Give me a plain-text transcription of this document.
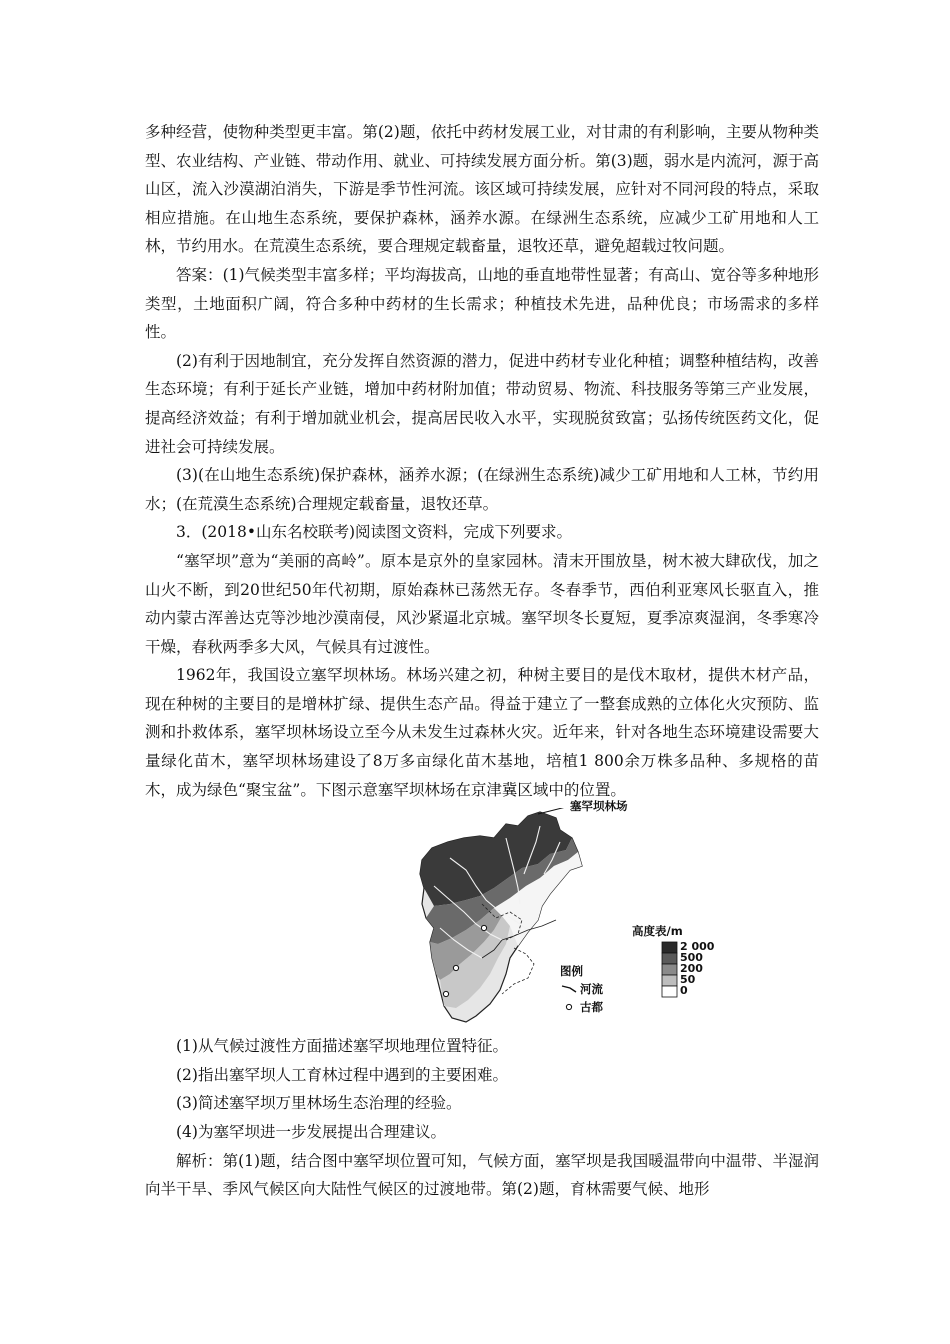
多种经营，使物种类型更丰富。第(2)题，依托中药材发展工业，对甘肃的有利影响，主要从物种类型、农业结构、产业链、带动作用、就业、可持续发展方面分析。第(3)题，弱水是内流河，源于高山区，流入沙漠湖泊消失，下游是季节性河流。该区域可持续发展，应针对不同河段的特点，采取相应措施。在山地生态系统，要保护森林，涵养水源。在绿洲生态系统，应减少工矿用地和人工林，节约用水。在荒漠生态系统，要合理规定载畜量，退牧还草，避免超载过牧问题。

答案：(1)气候类型丰富多样；平均海拔高，山地的垂直地带性显著；有高山、宽谷等多种地形类型，土地面积广阔，符合多种中药材的生长需求；种植技术先进，品种优良；市场需求的多样性。

(2)有利于因地制宜，充分发挥自然资源的潜力，促进中药材专业化种植；调整种植结构，改善生态环境；有利于延长产业链，增加中药材附加值；带动贸易、物流、科技服务等第三产业发展，提高经济效益；有利于增加就业机会，提高居民收入水平，实现脱贫致富；弘扬传统医药文化，促进社会可持续发展。

(3)(在山地生态系统)保护森林，涵养水源；(在绿洲生态系统)减少工矿用地和人工林，节约用水；(在荒漠生态系统)合理规定载畜量，退牧还草。

3．(2018•山东名校联考)阅读图文资料，完成下列要求。

“塞罕坝”意为“美丽的高岭”。原本是京外的皇家园林。清末开围放垦，树木被大肆砍伐，加之山火不断，到20世纪50年代初期，原始森林已荡然无存。冬春季节，西伯利亚寒风长驱直入，推动内蒙古浑善达克等沙地沙漠南侵，风沙紧逼北京城。塞罕坝冬长夏短，夏季凉爽湿润，冬季寒冷干燥，春秋两季多大风，气候具有过渡性。

1962年，我国设立塞罕坝林场。林场兴建之初，种树主要目的是伐木取材，提供木材产品，现在种树的主要目的是增林扩绿、提供生态产品。得益于建立了一整套成熟的立体化火灾预防、监测和扑救体系，塞罕坝林场设立至今从未发生过森林火灾。近年来，针对各地生态环境建设需要大量绿化苗木，塞罕坝林场建设了8万多亩绿化苗木基地，培植1 800余万株多品种、多规格的苗木，成为绿色“聚宝盆”。下图示意塞罕坝林场在京津冀区域中的位置。

塞罕坝林场
高度表/m
图例
河流
古都
2 000
500
200
50
0

(1)从气候过渡性方面描述塞罕坝地理位置特征。

(2)指出塞罕坝人工育林过程中遇到的主要困难。

(3)简述塞罕坝万里林场生态治理的经验。

(4)为塞罕坝进一步发展提出合理建议。

解析：第(1)题，结合图中塞罕坝位置可知，气候方面，塞罕坝是我国暖温带向中温带、半湿润向半干旱、季风气候区向大陆性气候区的过渡地带。第(2)题，育林需要气候、地形
